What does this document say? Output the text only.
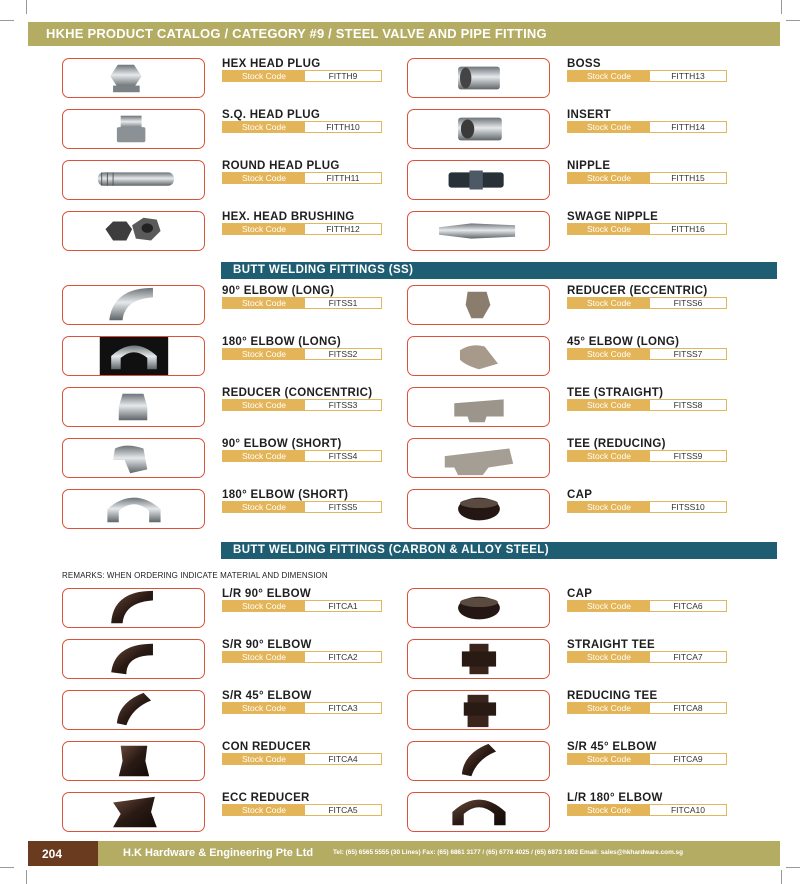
HKHE PRODUCT CATALOG / CATEGORY #9 / STEEL VALVE AND PIPE FITTING
BUTT WELDING FITTINGS (SS)
BUTT WELDING FITTINGS (CARBON & ALLOY STEEL)
REMARKS: WHEN ORDERING INDICATE MATERIAL AND DIMENSION
HEX HEAD PLUG
Stock Code	FITTH9
BOSS
Stock Code	FITTH13
S.Q. HEAD PLUG
Stock Code	FITTH10
INSERT
Stock Code	FITTH14
ROUND HEAD PLUG
Stock Code	FITTH11
NIPPLE
Stock Code	FITTH15
HEX. HEAD BRUSHING
Stock Code	FITTH12
SWAGE NIPPLE
Stock Code	FITTH16
90° ELBOW (LONG)
Stock Code	FITSS1
REDUCER (ECCENTRIC)
Stock Code	FITSS6
180° ELBOW (LONG)
Stock Code	FITSS2
45° ELBOW (LONG)
Stock Code	FITSS7
REDUCER (CONCENTRIC)
Stock Code	FITSS3
TEE (STRAIGHT)
Stock Code	FITSS8
90° ELBOW (SHORT)
Stock Code	FITSS4
TEE (REDUCING)
Stock Code	FITSS9
180° ELBOW (SHORT)
Stock Code	FITSS5
CAP
Stock Code	FITSS10
L/R 90° ELBOW
Stock Code	FITCA1
CAP
Stock Code	FITCA6
S/R 90° ELBOW
Stock Code	FITCA2
STRAIGHT TEE
Stock Code	FITCA7
S/R 45° ELBOW
Stock Code	FITCA3
REDUCING TEE
Stock Code	FITCA8
CON REDUCER
Stock Code	FITCA4
S/R 45° ELBOW
Stock Code	FITCA9
ECC REDUCER
Stock Code	FITCA5
L/R 180° ELBOW
Stock Code	FITCA10
204	H.K Hardware & Engineering Pte Ltd	Tel: (65) 6565 5555 (30 Lines) Fax: (65) 6861 3177 / (65) 6778 4025 / (65) 6873 1602 Email: sales@hkhardware.com.sg
